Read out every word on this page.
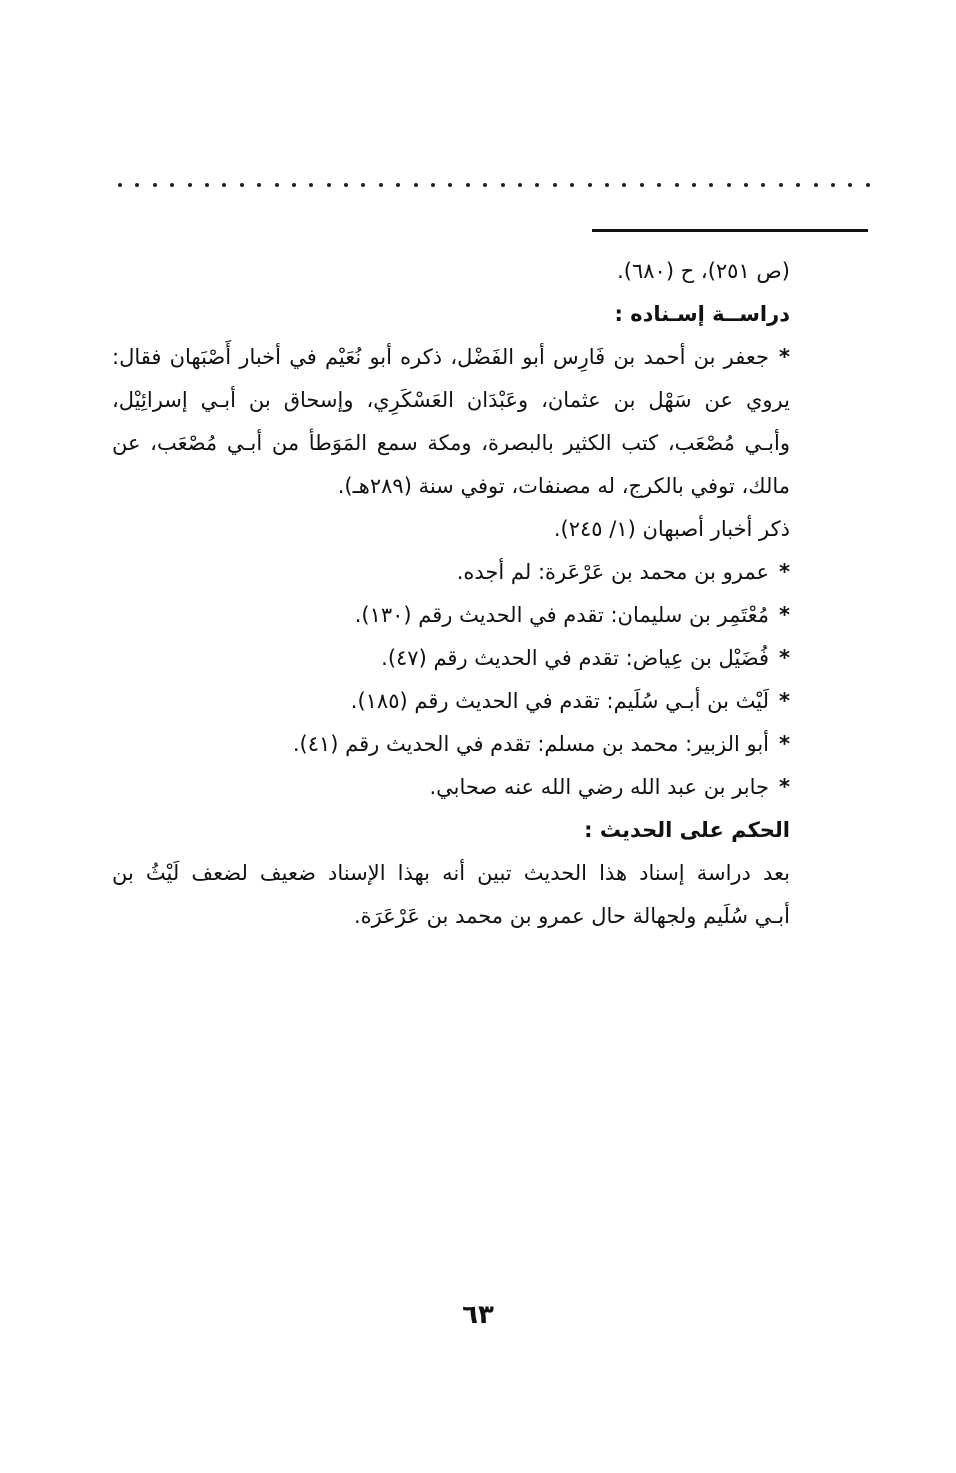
(ص ٢٥١)، ح (٦٨٠).
دراســة إسـناده :
*جعفر بن أحمد بن فَارِس أبو الفَضْل، ذكره أبو نُعَيْم في أخبار أَصْبَهان فقال:
يروي عن سَهْل بن عثمان، وعَبْدَان العَسْكَرِي، وإسحاق بن أبـي إسرائِيْل،
وأبـي مُصْعَب، كتب الكثير بالبصرة، ومكة سمع المَوَطأ من أبـي مُصْعَب، عن
مالك، توفي بالكرج، له مصنفات، توفي سنة (٢٨٩هـ).
ذكر أخبار أصبهان (١/ ٢٤٥).
*عمرو بن محمد بن عَرْعَرة: لم أجده.
*مُعْتَمِر بن سليمان: تقدم في الحديث رقم (١٣٠).
*فُضَيْل بن عِياض: تقدم في الحديث رقم (٤٧).
*لَيْث بن أبـي سُلَيم: تقدم في الحديث رقم (١٨٥).
*أبو الزبير: محمد بن مسلم: تقدم في الحديث رقم (٤١).
*جابر بن عبد الله رضي الله عنه صحابي.
الحكم على الحديث :
بعد دراسة إسناد هذا الحديث تبين أنه بهذا الإسناد ضعيف لضعف لَيْثُ بن
أبـي سُلَيم ولجهالة حال عمرو بن محمد بن عَرْعَرَة.
٦٣
